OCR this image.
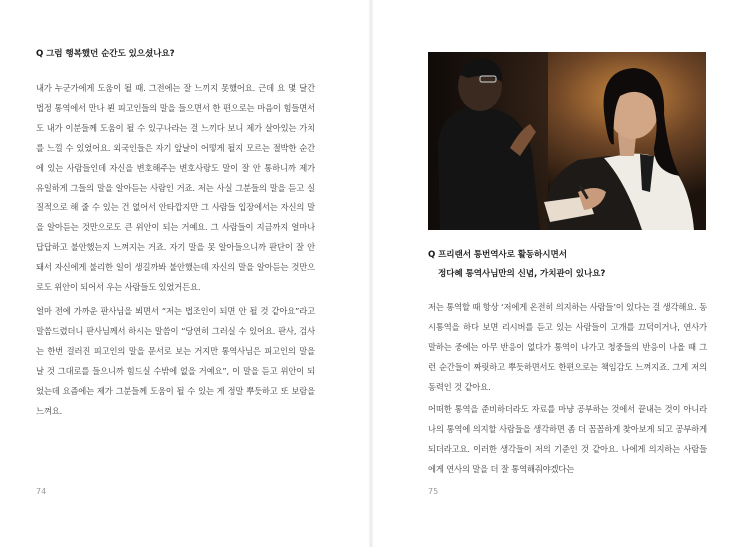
Q 그럼 행복했던 순간도 있으셨나요?
내가 누군가에게 도움이 될 때. 그전에는 잘 느끼지 못했어요. 근데 요 몇 달간 법정 통역에서 만나 뵌 피고인들의 말을 들으면서 한 편으로는 마음이 힘들면서도 내가 이분들께 도움이 될 수 있구나라는 걸 느끼다 보니 제가 살아있는 가치를 느낄 수 있었어요. 외국인들은 자기 앞날이 어떻게 될지 모르는 절박한 순간에 있는 사람들인데 자신을 변호해주는 변호사랑도 말이 잘 안 통하니까 제가 유일하게 그들의 말을 알아듣는 사람인 거죠. 저는 사실 그분들의 말을 듣고 실질적으로 해 줄 수 있는 건 없어서 안타깝지만 그 사람들 입장에서는 자신의 말을 알아듣는 것만으로도 큰 위안이 되는 거예요. 그 사람들이 지금까지 얼마나 답답하고 불안했는지 느껴지는 거죠. 자기 말을 못 알아들으니까 판단이 잘 안 돼서 자신에게 불리한 일이 생길까봐 불안했는데 자신의 말을 알아듣는 것만으로도 위안이 되어서 우는 사람들도 있었거든요.
얼마 전에 가까운 판사님을 뵈면서 “저는 법조인이 되면 안 될 것 같아요”라고 말씀드렸더니 판사님께서 하시는 말씀이 “당연히 그러실 수 있어요. 판사, 검사는 한번 걸러진 피고인의 말을 문서로 보는 거지만 통역사님은 피고인의 말을 날 것 그대로를 들으니까 힘드실 수밖에 없을 거예요”, 이 말을 듣고 위안이 되었는데 요즘에는 제가 그분들께 도움이 될 수 있는 게 정말 뿌듯하고 또 보람을 느껴요.
74
Q 프리랜서 통번역사로 활동하시면서
정다혜 통역사님만의 신념, 가치관이 있나요?
저는 통역할 때 항상 ‘저에게 온전히 의지하는 사람들’이 있다는 걸 생각해요. 동시통역을 하다 보면 리시버를 듣고 있는 사람들이 고개를 끄덕이거나, 연사가 말하는 중에는 아무 반응이 없다가 통역이 나가고 청중들의 반응이 나올 때 그런 순간들이 짜릿하고 뿌듯하면서도 한편으로는 책임감도 느껴지죠. 그게 저의 동력인 것 같아요.
어떠한 통역을 준비하더라도 자료를 마냥 공부하는 것에서 끝내는 것이 아니라 나의 통역에 의지할 사람들을 생각하면 좀 더 꼼꼼하게 찾아보게 되고 공부하게 되더라고요. 이러한 생각들이 저의 기준인 것 같아요. 나에게 의지하는 사람들에게 연사의 말을 더 잘 통역해줘야겠다는
75
